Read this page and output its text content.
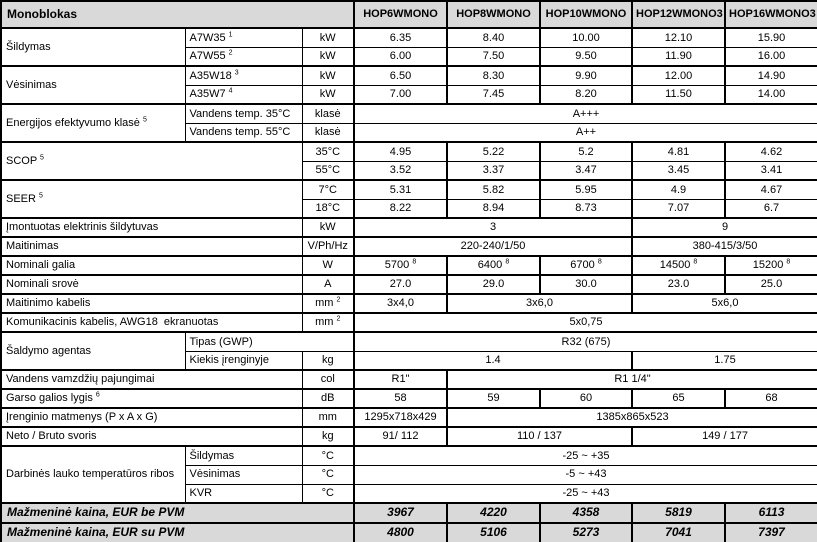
Monoblokas			HOP6WMONO	HOP8WMONO	HOP10WMONO	HOP12WMONO3	HOP16WMONO3
Šildymas	A7W35 $^1$	kW	6.35	8.40	10.00	12.10	15.90
	A7W55 $^2$	kW	6.00	7.50	9.50	11.90	16.00
Vėsinimas	A35W18 $^3$	kW	6.50	8.30	9.90	12.00	14.90
	A35W7 $^4$	kW	7.00	7.45	8.20	11.50	14.00
Energijos efektyvumo klasė $^5$	Vandens temp. 35°C	klasė	A+++				
	Vandens temp. 55°C	klasė	A++				
SCOP $^5$		35°C	4.95	5.22	5.2	4.81	4.62
		55°C	3.52	3.37	3.47	3.45	3.41
SEER $^5$		7°C	5.31	5.82	5.95	4.9	4.67
		18°C	8.22	8.94	8.73	7.07	6.7
Įmontuotas elektrinis šildytuvas		kW	3			9	
Maitinimas		V/Ph/Hz	220-240/1/50			380-415/3/50	
Nominali galia		W	5700 $^8$	6400 $^8$	6700 $^8$	14500 $^8$	15200 $^8$
Nominali srovė		A	27.0	29.0	30.0	23.0	25.0
Maitinimo kabelis		mm $^2$	3x4,0	3x6,0		5x6,0	
Komunikacinis kabelis, AWG18  ekranuotas		mm $^2$	5x0,75				
Šaldymo agentas	Tipas (GWP)		R32 (675)				
	Kiekis įrenginyje	kg	1.4			1.75	
Vandens vamzdžių pajungimai		col	R1"	R1 1/4"			
Garso galios lygis $^6$		dB	58	59	60	65	68
Įrenginio matmenys (P x A x G)		mm	1295x718x429	1385x865x523			
Neto / Bruto svoris		kg	91/ 112	110 / 137		149 / 177	
Darbinės lauko temperatūros ribos	Šildymas	°C	-25 ~ +35				
	Vėsinimas	°C	-5 ~ +43				
	KVR	°C	-25 ~ +43				
Mažmeninė kaina, EUR be PVM			3967	4220	4358	5819	6113
Mažmeninė kaina, EUR su PVM			4800	5106	5273	7041	7397
